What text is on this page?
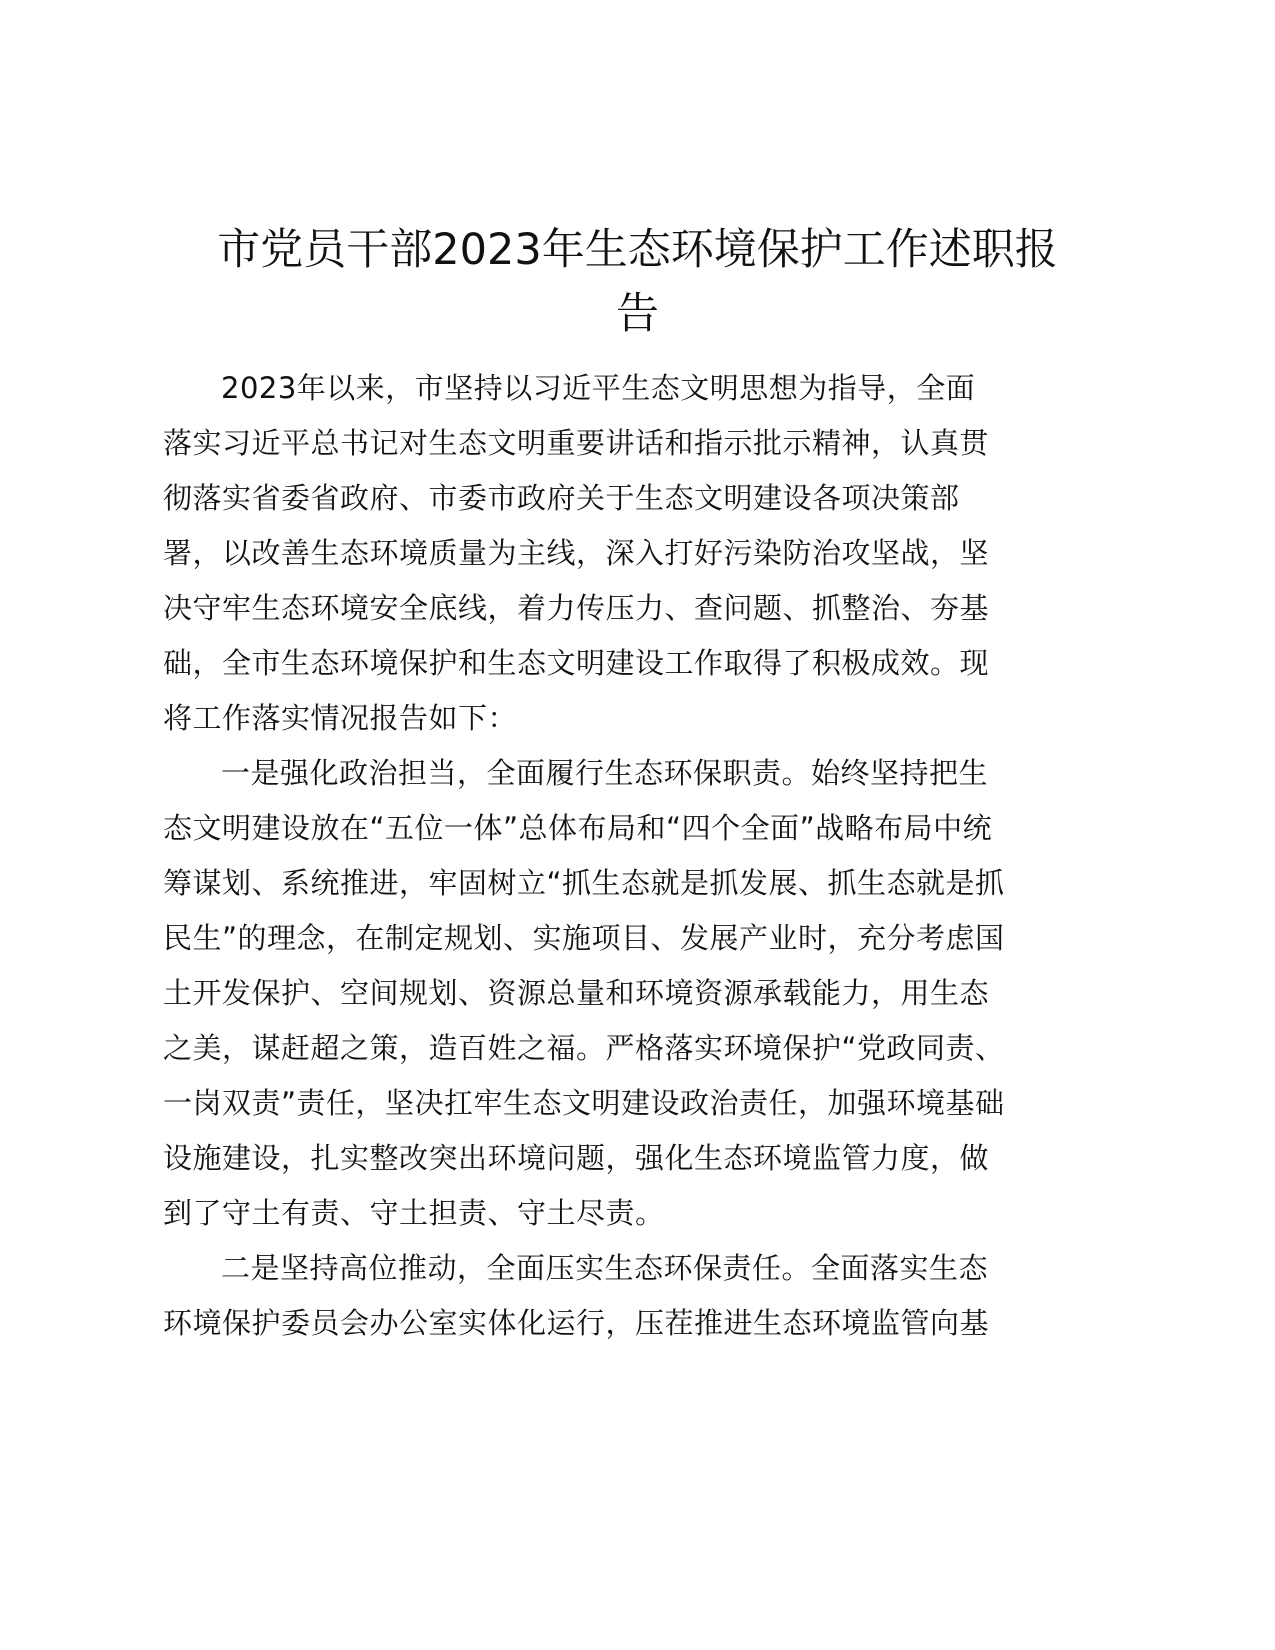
市党员干部2023年生态环境保护工作述职报
告
2023年以来，市坚持以习近平生态文明思想为指导，全面
落实习近平总书记对生态文明重要讲话和指示批示精神，认真贯
彻落实省委省政府、市委市政府关于生态文明建设各项决策部
署，以改善生态环境质量为主线，深入打好污染防治攻坚战，坚
决守牢生态环境安全底线，着力传压力、查问题、抓整治、夯基
础，全市生态环境保护和生态文明建设工作取得了积极成效。现
将工作落实情况报告如下：
一是强化政治担当，全面履行生态环保职责。始终坚持把生
态文明建设放在“五位一体”总体布局和“四个全面”战略布局中统
筹谋划、系统推进，牢固树立“抓生态就是抓发展、抓生态就是抓
民生”的理念，在制定规划、实施项目、发展产业时，充分考虑国
土开发保护、空间规划、资源总量和环境资源承载能力，用生态
之美，谋赶超之策，造百姓之福。严格落实环境保护“党政同责、
一岗双责”责任，坚决扛牢生态文明建设政治责任，加强环境基础
设施建设，扎实整改突出环境问题，强化生态环境监管力度，做
到了守土有责、守土担责、守土尽责。
二是坚持高位推动，全面压实生态环保责任。全面落实生态
环境保护委员会办公室实体化运行，压茬推进生态环境监管向基
